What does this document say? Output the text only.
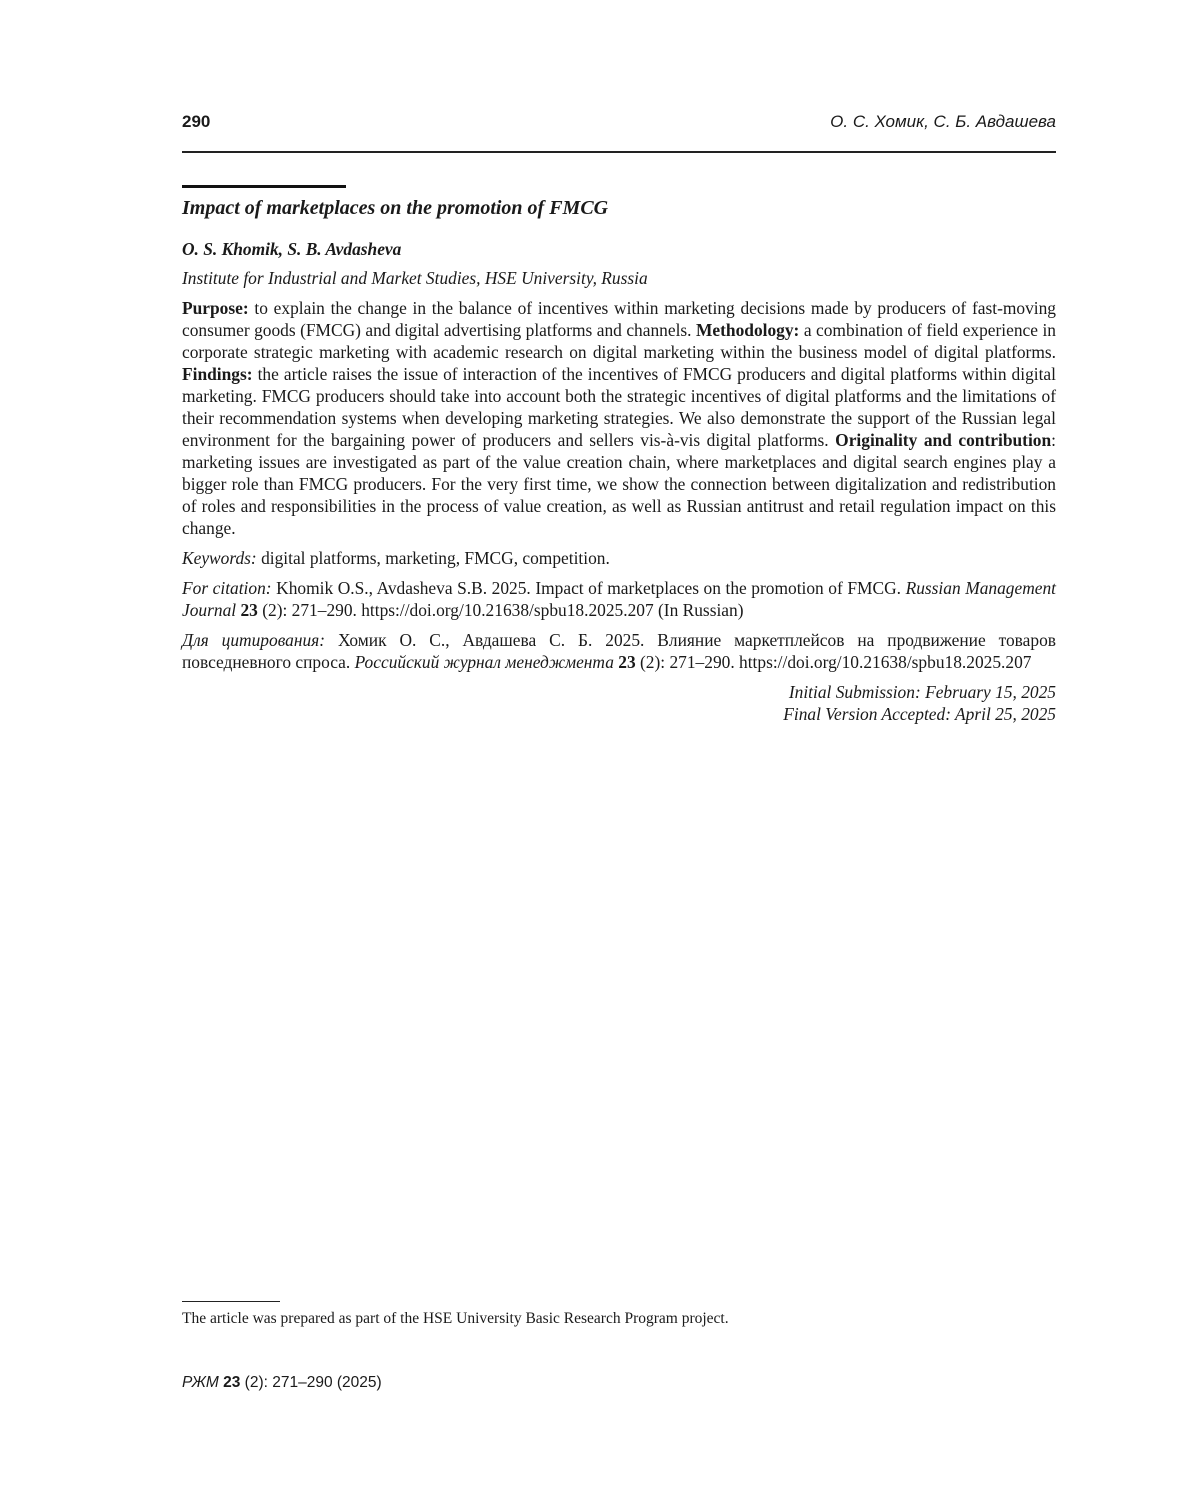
290	О. С. Хомик, С. Б. Авдашева
Impact of marketplaces on the promotion of FMCG
O. S. Khomik, S. B. Avdasheva
Institute for Industrial and Market Studies, HSE University, Russia
Purpose: to explain the change in the balance of incentives within marketing decisions made by producers of fast-moving consumer goods (FMCG) and digital advertising platforms and channels. Methodology: a combination of field experience in corporate strategic marketing with academic research on digital marketing within the business model of digital platforms. Findings: the article raises the issue of interaction of the incentives of FMCG producers and digital platforms within digital marketing. FMCG producers should take into account both the strategic incentives of digital platforms and the limitations of their recommendation systems when developing marketing strategies. We also demonstrate the support of the Russian legal environment for the bargaining power of producers and sellers vis-à-vis digital platforms. Originality and contribution: marketing issues are investigated as part of the value creation chain, where marketplaces and digital search engines play a bigger role than FMCG producers. For the very first time, we show the connection between digitalization and redistribution of roles and responsibilities in the process of value creation, as well as Russian antitrust and retail regulation impact on this change.
Keywords: digital platforms, marketing, FMCG, competition.
For citation: Khomik O.S., Avdasheva S.B. 2025. Impact of marketplaces on the promotion of FMCG. Russian Management Journal 23 (2): 271–290. https://doi.org/10.21638/spbu18.2025.207 (In Russian)
Для цитирования: Хомик О. С., Авдашева С. Б. 2025. Влияние маркетплейсов на продвижение товаров повседневного спроса. Российский журнал менеджмента 23 (2): 271–290. https://doi.org/10.21638/spbu18.2025.207
Initial Submission: February 15, 2025
Final Version Accepted: April 25, 2025
The article was prepared as part of the HSE University Basic Research Program project.
РЖМ 23 (2): 271–290 (2025)
